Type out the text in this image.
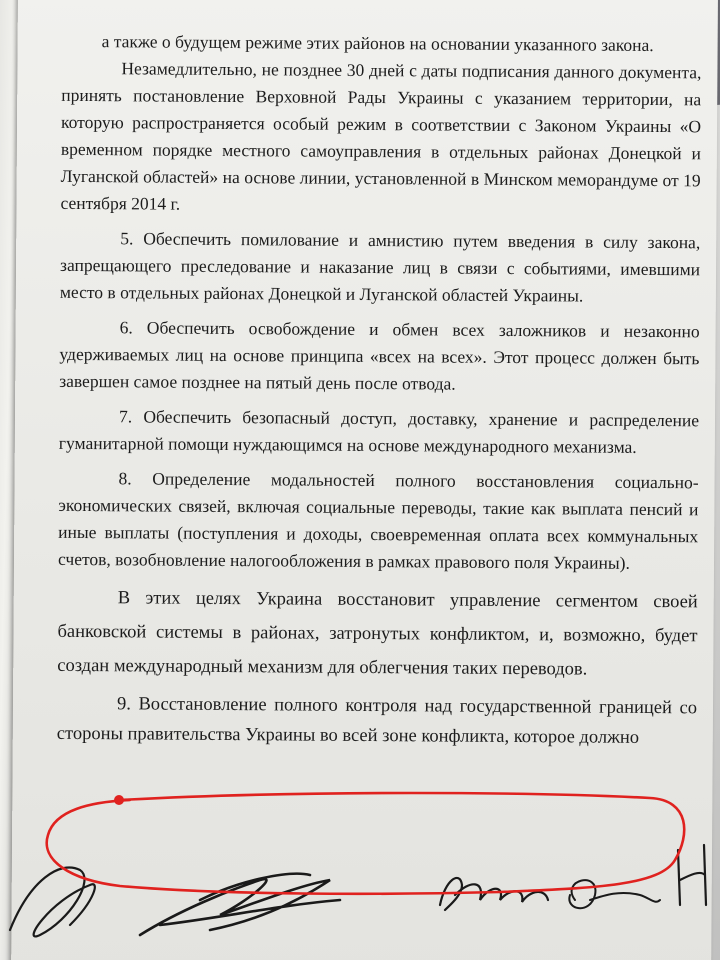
а также о будущем режиме этих районов на основании указанного закона.

Незамедлительно, не позднее 30 дней с даты подписания данного документа, принять постановление Верховной Рады Украины с указанием территории, на которую распространяется особый режим в соответствии с Законом Украины «О временном порядке местного самоуправления в отдельных районах Донецкой и Луганской областей» на основе линии, установленной в Минском меморандуме от 19 сентября 2014 г.

5. Обеспечить помилование и амнистию путем введения в силу закона, запрещающего преследование и наказание лиц в связи с событиями, имевшими место в отдельных районах Донецкой и Луганской областей Украины.

6. Обеспечить освобождение и обмен всех заложников и незаконно удерживаемых лиц на основе принципа «всех на всех». Этот процесс должен быть завершен самое позднее на пятый день после отвода.

7. Обеспечить безопасный доступ, доставку, хранение и распределение гуманитарной помощи нуждающимся на основе международного механизма.

8. Определение модальностей полного восстановления социально-экономических связей, включая социальные переводы, такие как выплата пенсий и иные выплаты (поступления и доходы, своевременная оплата всех коммунальных счетов, возобновление налогообложения в рамках правового поля Украины).

В этих целях Украина восстановит управление сегментом своей банковской системы в районах, затронутых конфликтом, и, возможно, будет создан международный механизм для облегчения таких переводов.

9. Восстановление полного контроля над государственной границей со стороны правительства Украины во всей зоне конфликта, которое должно
